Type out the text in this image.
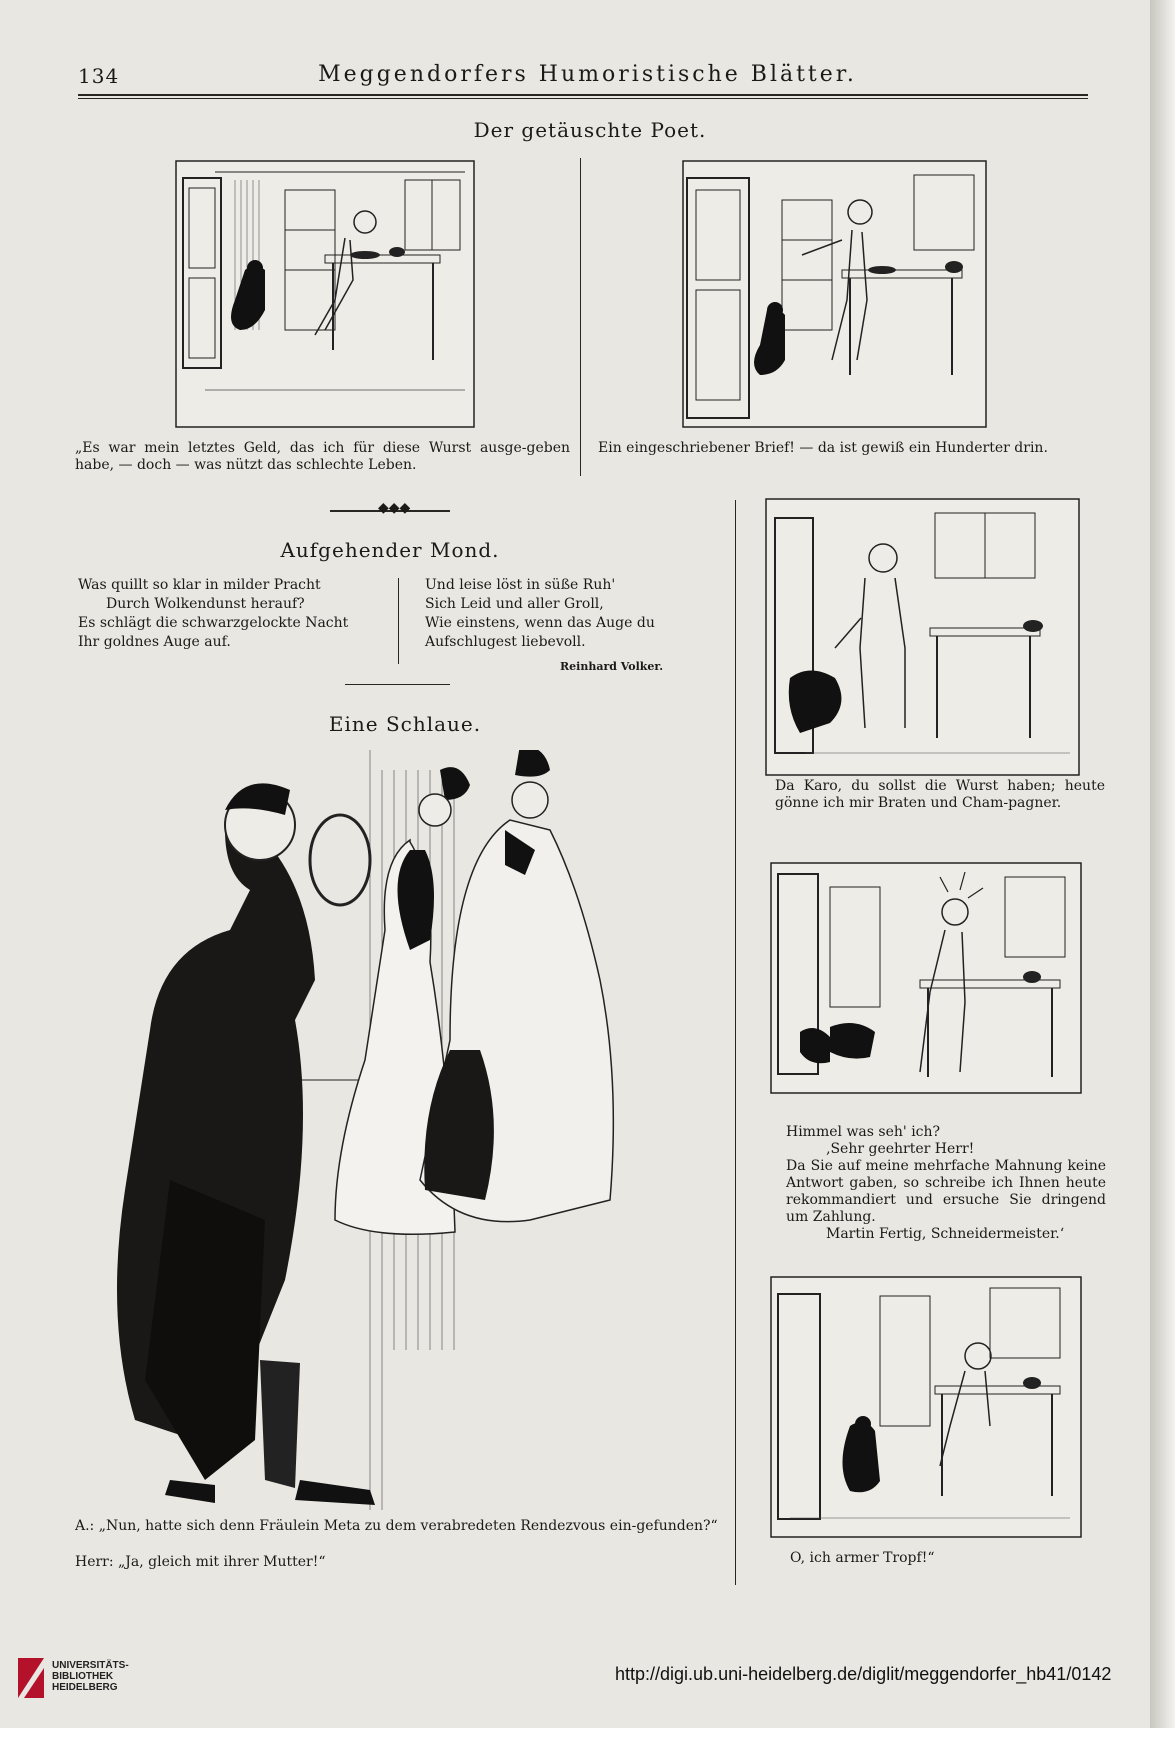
134	Meggendorfers Humoristische Blätter.
Der getäuschte Poet.
„Es war mein letztes Geld, das ich für diese Wurst ausge-geben habe, — doch — was nützt das schlechte Leben.
Ein eingeschriebener Brief! — da ist gewiß ein Hunderter drin.
◆◆◆
Aufgehender Mond.
Was quillt so klar in milder Pracht
Durch Wolkendunst herauf?
Es schlägt die schwarzgelockte Nacht
Ihr goldnes Auge auf.
Und leise löst in süße Ruh'
Sich Leid und aller Groll,
Wie einstens, wenn das Auge du
Aufschlugest liebevoll.
Reinhard Volker.
Eine Schlaue.
A.: „Nun, hatte sich denn Fräulein Meta zu dem verabredeten Rendezvous ein-gefunden?“
Herr: „Ja, gleich mit ihrer Mutter!“
Da Karo, du sollst die Wurst haben; heute gönne ich mir Braten und Cham-pagner.
Himmel was seh' ich?
‚Sehr geehrter Herr!
Da Sie auf meine mehrfache Mahnung keine Antwort gaben, so schreibe ich Ihnen heute rekommandiert und ersuche Sie dringend um Zahlung.
Martin Fertig, Schneidermeister.‘
O, ich armer Tropf!“
UNIVERSITÄTS-
BIBLIOTHEK
HEIDELBERG
http://digi.ub.uni-heidelberg.de/diglit/meggendorfer_hb41/0142
